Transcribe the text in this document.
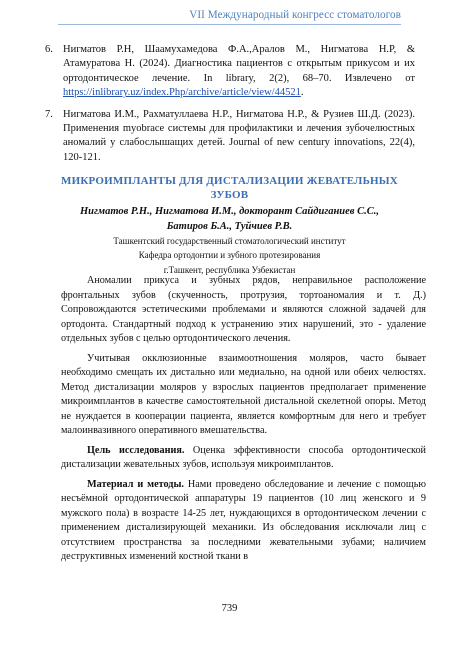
VII Международный конгресс стоматологов
6. Нигматов Р.Н, Шаамухамедова Ф.А.,Аралов М., Нигматова Н.Р, & Атамуратова Н. (2024). Диагностика пациентов с открытым прикусом и их ортодонтическое лечение. In library, 2(2), 68–70. Извлечено от https://inlibrary.uz/index.Php/archive/article/view/44521.
7. Нигматова И.М., Рахматуллаева Н.Р., Нигматова Н.Р., & Рузиев Ш.Д. (2023). Применения myobrace системы для профилактики и лечения зубочелюстных аномалий у слабослышащих детей. Journal of new century innovations, 22(4), 120-121.
МИКРОИМПЛАНТЫ ДЛЯ ДИСТАЛИЗАЦИИ ЖЕВАТЕЛЬНЫХ ЗУБОВ
Нигматов Р.Н., Нигматова И.М., докторант Сайдиганиев С.С.,
Батиров Б.А., Туйчиев Р.В.
Ташкентский государственный стоматологический институт
Кафедра ортодонтии и зубного протезирования
г.Ташкент, республика Узбекистан

Аномалии прикуса и зубных рядов, неправильное расположение фронтальных зубов (скученность, протрузия, тортоаномалия и т. Д.) Сопровождаются эстетическими проблемами и являются сложной задачей для ортодонта. Стандартный подход к устранению этих нарушений, это - удаление отдельных зубов с целью ортодонтического лечения.

Учитывая окклюзионные взаимоотношения моляров, часто бывает необходимо смещать их дистально или медиально, на одной или обеих челюстях. Метод дистализации моляров у взрослых пациентов предполагает применение микроимплантов в качестве самостоятельной дистальной скелетной опоры. Метод не нуждается в кооперации пациента, является комфортным для него и требует малоинвазивного оперативного вмешательства.

Цель исследования. Оценка эффективности способа ортодонтической дистализации жевательных зубов, используя микроимплантов.

Материал и методы. Нами проведено обследование и лечение с помощью несъёмной ортодонтической аппаратуры 19 пациентов (10 лиц женского и 9 мужского пола) в возрасте 14-25 лет, нуждающихся в ортодонтическом лечении с применением дистализирующей механики. Из обследования исключали лиц с отсутствием пространства за последними жевательными зубами; наличием деструктивных изменений костной ткани в

739
